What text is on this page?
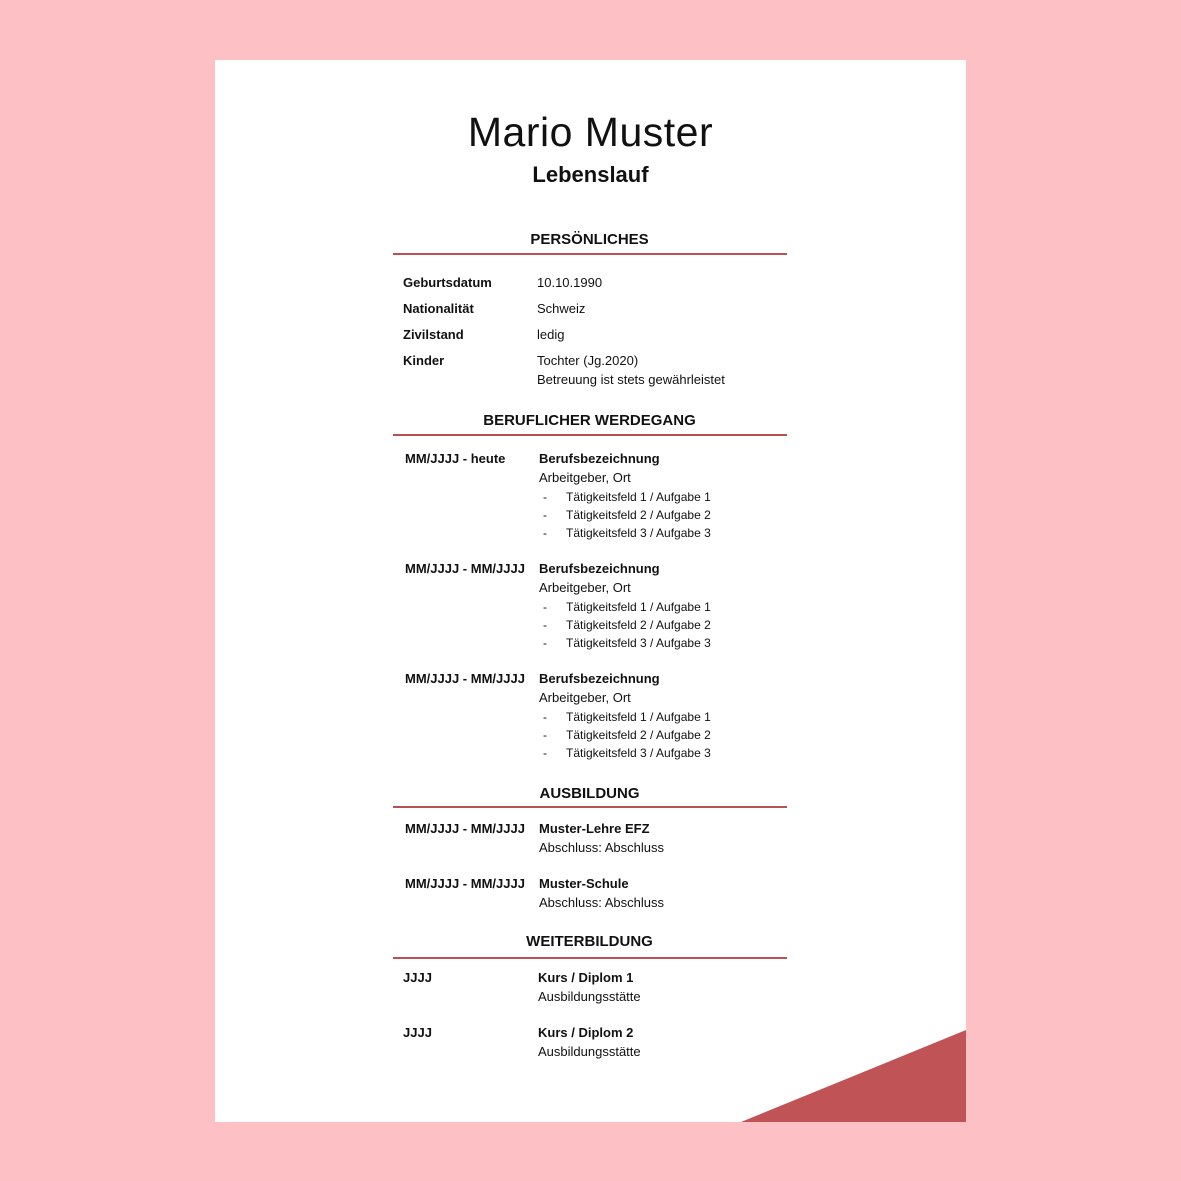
Mario Muster
Lebenslauf
PERSÖNLICHES
Geburtsdatum	10.10.1990
Nationalität	Schweiz
Zivilstand	ledig
Kinder	Tochter (Jg.2020)
Betreuung ist stets gewährleistet
BERUFLICHER WERDEGANG
MM/JJJJ - heute	Berufsbezeichnung
Arbeitgeber, Ort
- Tätigkeitsfeld 1 / Aufgabe 1
- Tätigkeitsfeld 2 / Aufgabe 2
- Tätigkeitsfeld 3 / Aufgabe 3
MM/JJJJ - MM/JJJJ Berufsbezeichnung
Arbeitgeber, Ort
- Tätigkeitsfeld 1 / Aufgabe 1
- Tätigkeitsfeld 2 / Aufgabe 2
- Tätigkeitsfeld 3 / Aufgabe 3
MM/JJJJ - MM/JJJJ Berufsbezeichnung
Arbeitgeber, Ort
- Tätigkeitsfeld 1 / Aufgabe 1
- Tätigkeitsfeld 2 / Aufgabe 2
- Tätigkeitsfeld 3 / Aufgabe 3
AUSBILDUNG
MM/JJJJ - MM/JJJJ Muster-Lehre EFZ
Abschluss: Abschluss
MM/JJJJ - MM/JJJJ Muster-Schule
Abschluss: Abschluss
WEITERBILDUNG
JJJJ	Kurs / Diplom 1
Ausbildungsstätte
JJJJ	Kurs / Diplom 2
Ausbildungsstätte
